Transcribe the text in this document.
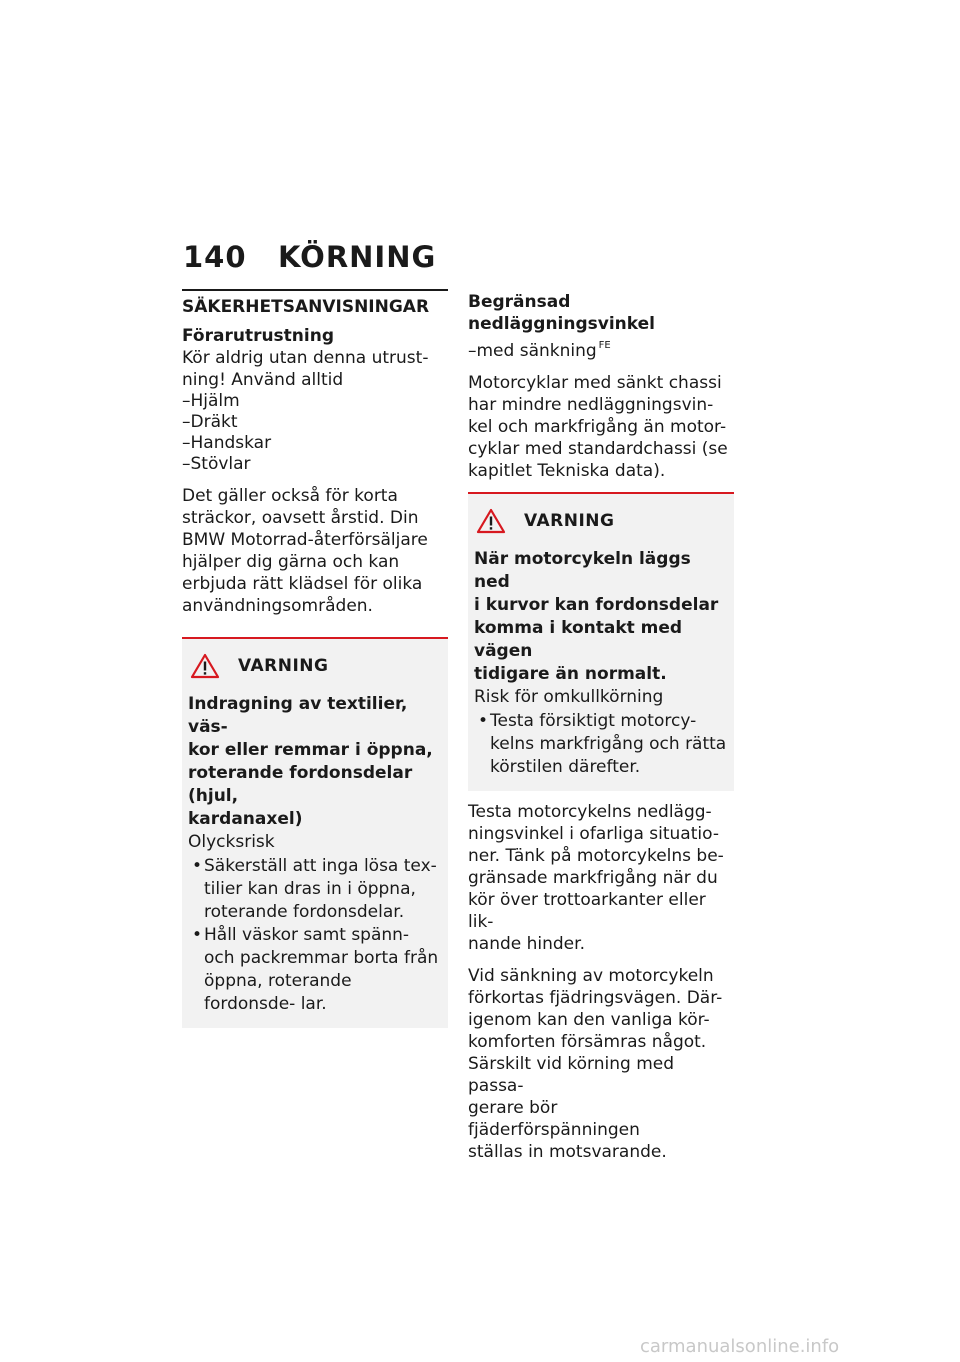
140 KÖRNING
SÄKERHETSANVISNINGAR
Förarutrustning

Kör aldrig utan denna utrust-

ning! Använd alltid

–Hjälm
–Dräkt
–Handskar
–Stövlar

Det gäller också för korta

sträckor, oavsett årstid. Din

BMW Motorrad-återförsäljare

hjälper dig gärna och kan

erbjuda rätt klädsel för olika

användningsområden.

VARNING
Indragning av textilier, väs-
kor eller remmar i öppna,
roterande fordonsdelar (hjul,
kardanaxel)
Olycksrisk
• Säkerställ att inga lösa tex- tilier kan dras in i öppna, roterande fordonsdelar.
• Håll väskor samt spänn- och packremmar borta från öppna, roterande fordonsde- lar.
Begränsad nedläggningsvinkel

–med sänkning $^{FE}$

Motorcyklar med sänkt chassi

har mindre nedläggningsvin-

kel och markfrigång än motor-

cyklar med standardchassi (se

kapitlet Tekniska data).

VARNING
När motorcykeln läggs ned
i kurvor kan fordonsdelar
komma i kontakt med vägen
tidigare än normalt.
Risk för omkullkörning
• Testa försiktigt motorcy- kelns markfrigång och rätta körstilen därefter.

Testa motorcykelns nedlägg-

ningsvinkel i ofarliga situatio-

ner. Tänk på motorcykelns be-

gränsade markfrigång när du

kör över trottoarkanter eller lik-

nande hinder.

Vid sänkning av motorcykeln

förkortas fjädringsvägen. Där-

igenom kan den vanliga kör-

komforten försämras något.

Särskilt vid körning med passa-

gerare bör fjäderförspänningen

ställas in motsvarande.

carmanualsonline.info
